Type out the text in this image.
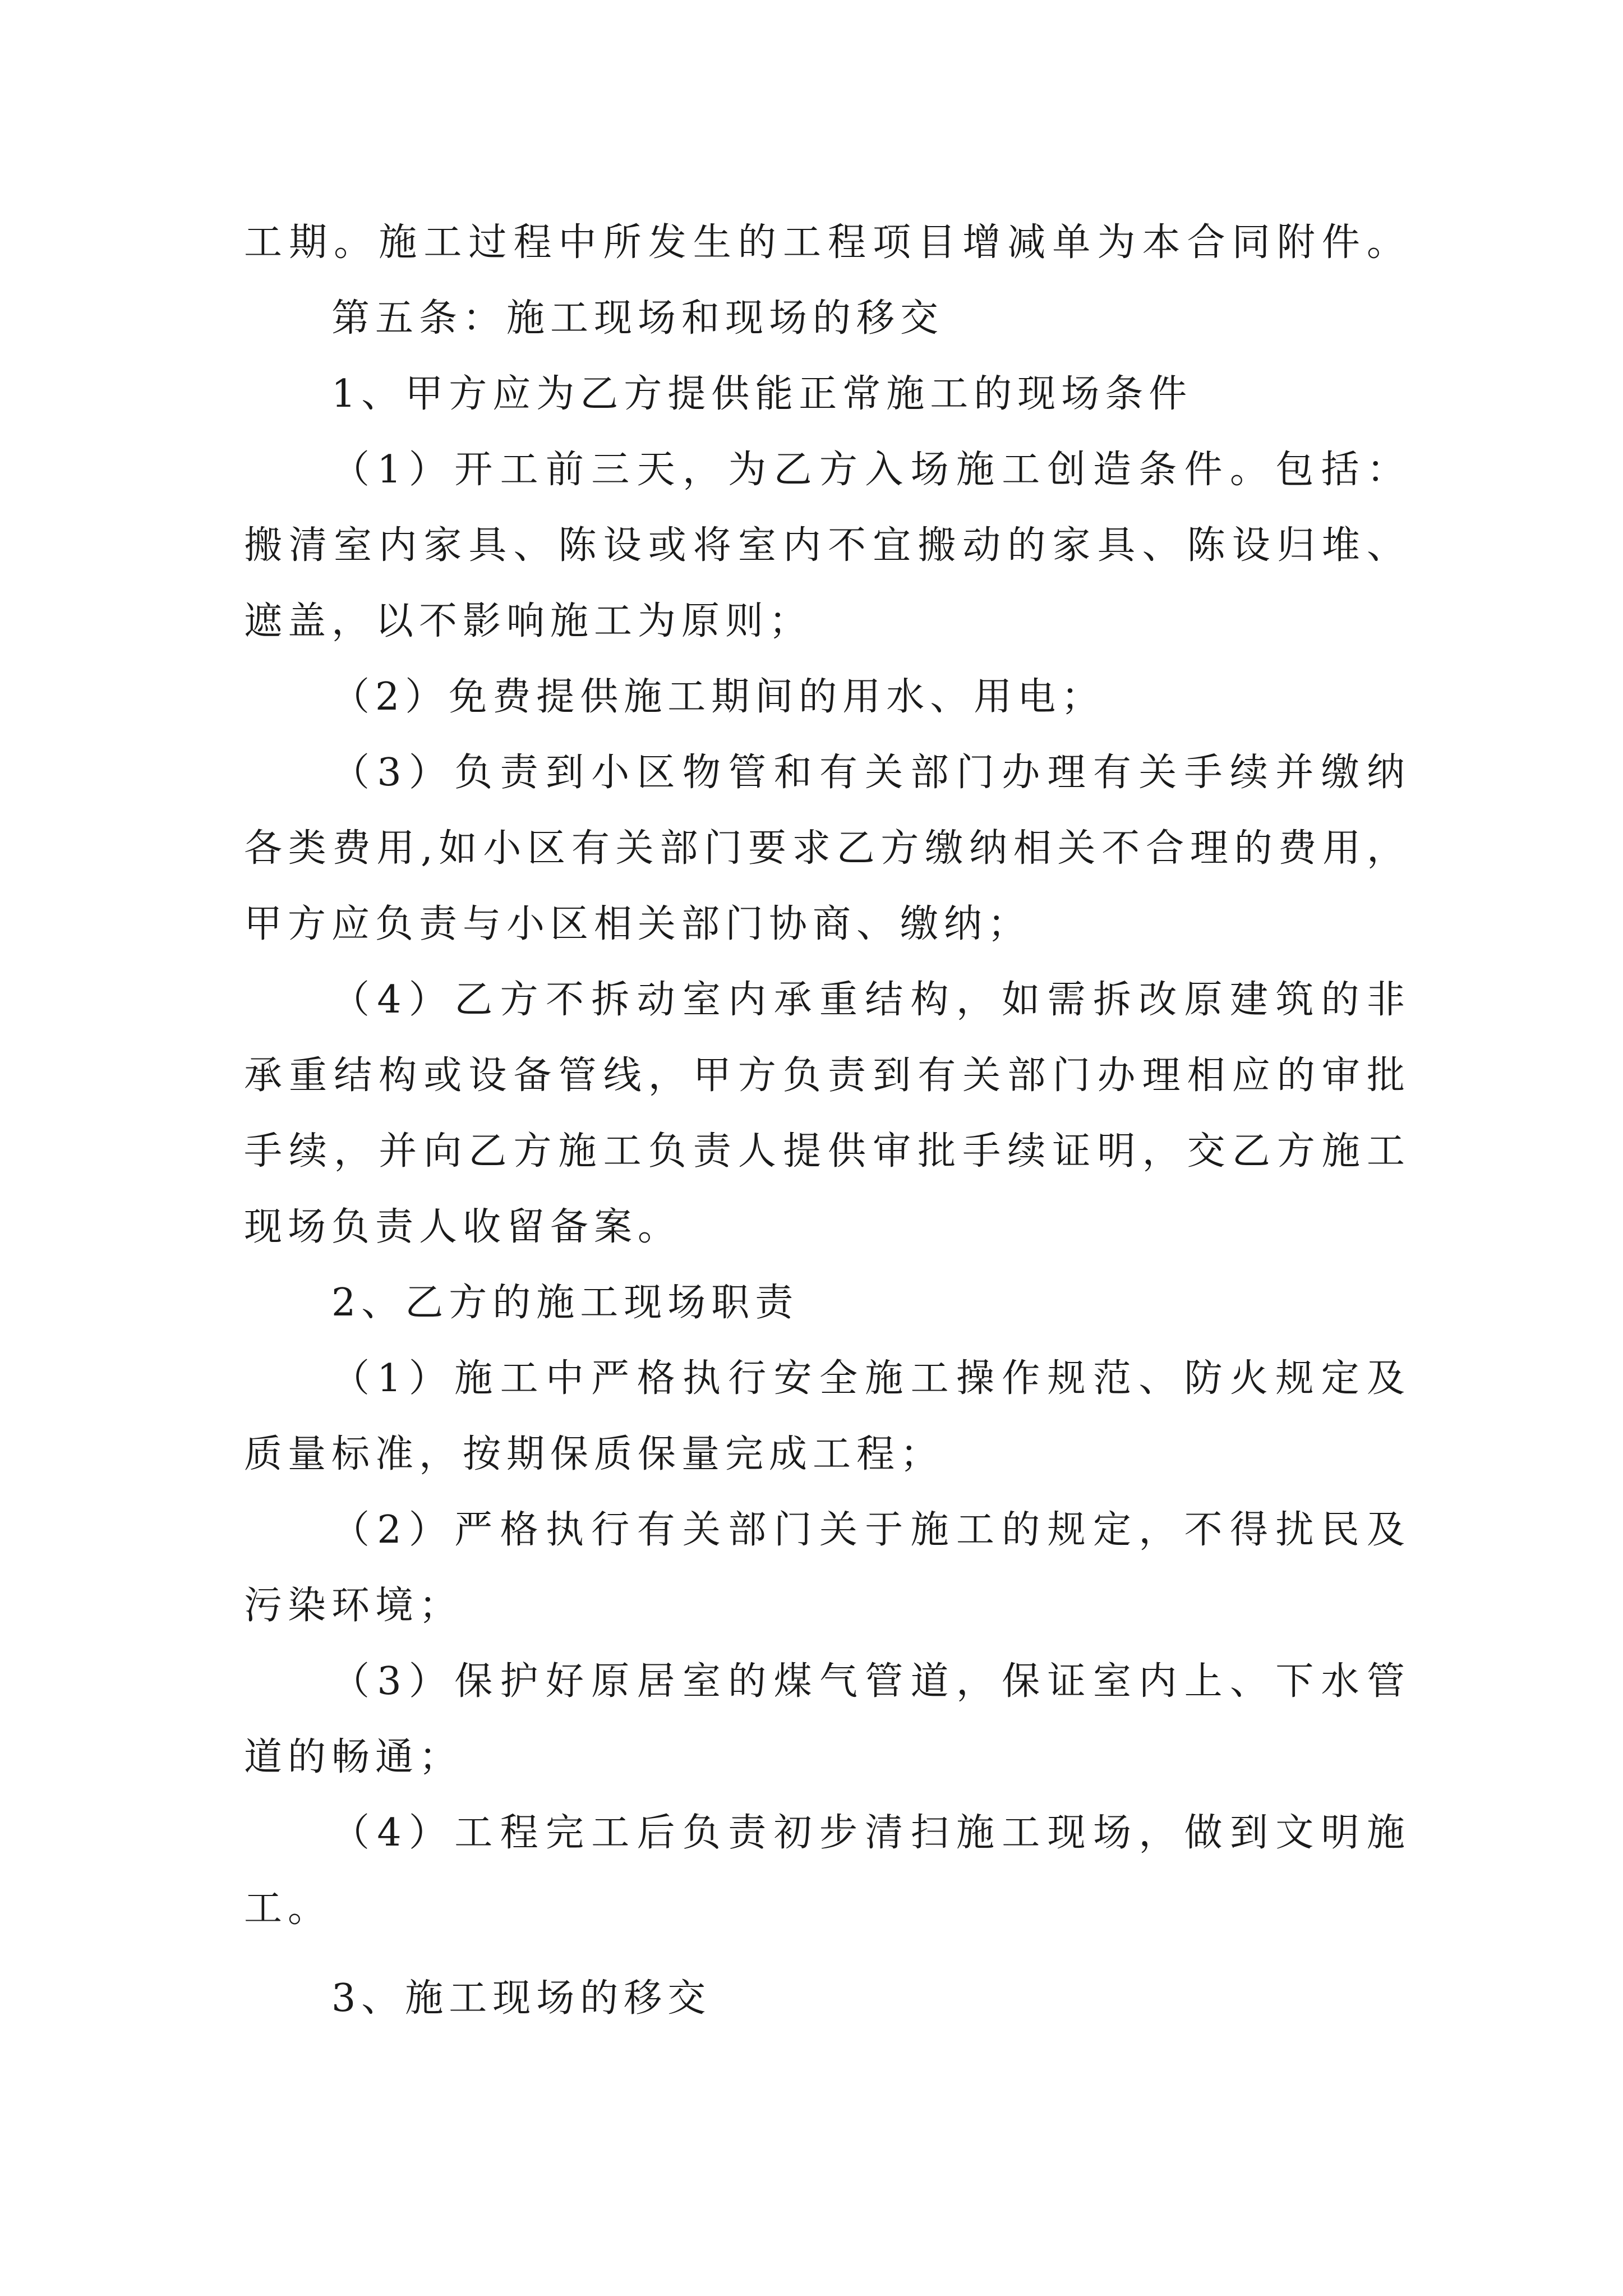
工期。施工过程中所发生的工程项目增减单为本合同附件。

第五条：施工现场和现场的移交

1、甲方应为乙方提供能正常施工的现场条件

（1）开工前三天，为乙方入场施工创造条件。包括：搬清室内家具、陈设或将室内不宜搬动的家具、陈设归堆、遮盖，以不影响施工为原则；

（2）免费提供施工期间的用水、用电；

（3）负责到小区物管和有关部门办理有关手续并缴纳各类费用,如小区有关部门要求乙方缴纳相关不合理的费用，甲方应负责与小区相关部门协商、缴纳；

（4）乙方不拆动室内承重结构，如需拆改原建筑的非承重结构或设备管线，甲方负责到有关部门办理相应的审批手续，并向乙方施工负责人提供审批手续证明，交乙方施工现场负责人收留备案。

2、乙方的施工现场职责

（1）施工中严格执行安全施工操作规范、防火规定及质量标准，按期保质保量完成工程；

（2）严格执行有关部门关于施工的规定，不得扰民及污染环境；

（3）保护好原居室的煤气管道，保证室内上、下水管道的畅通；

（4）工程完工后负责初步清扫施工现场，做到文明施工。

3、施工现场的移交
